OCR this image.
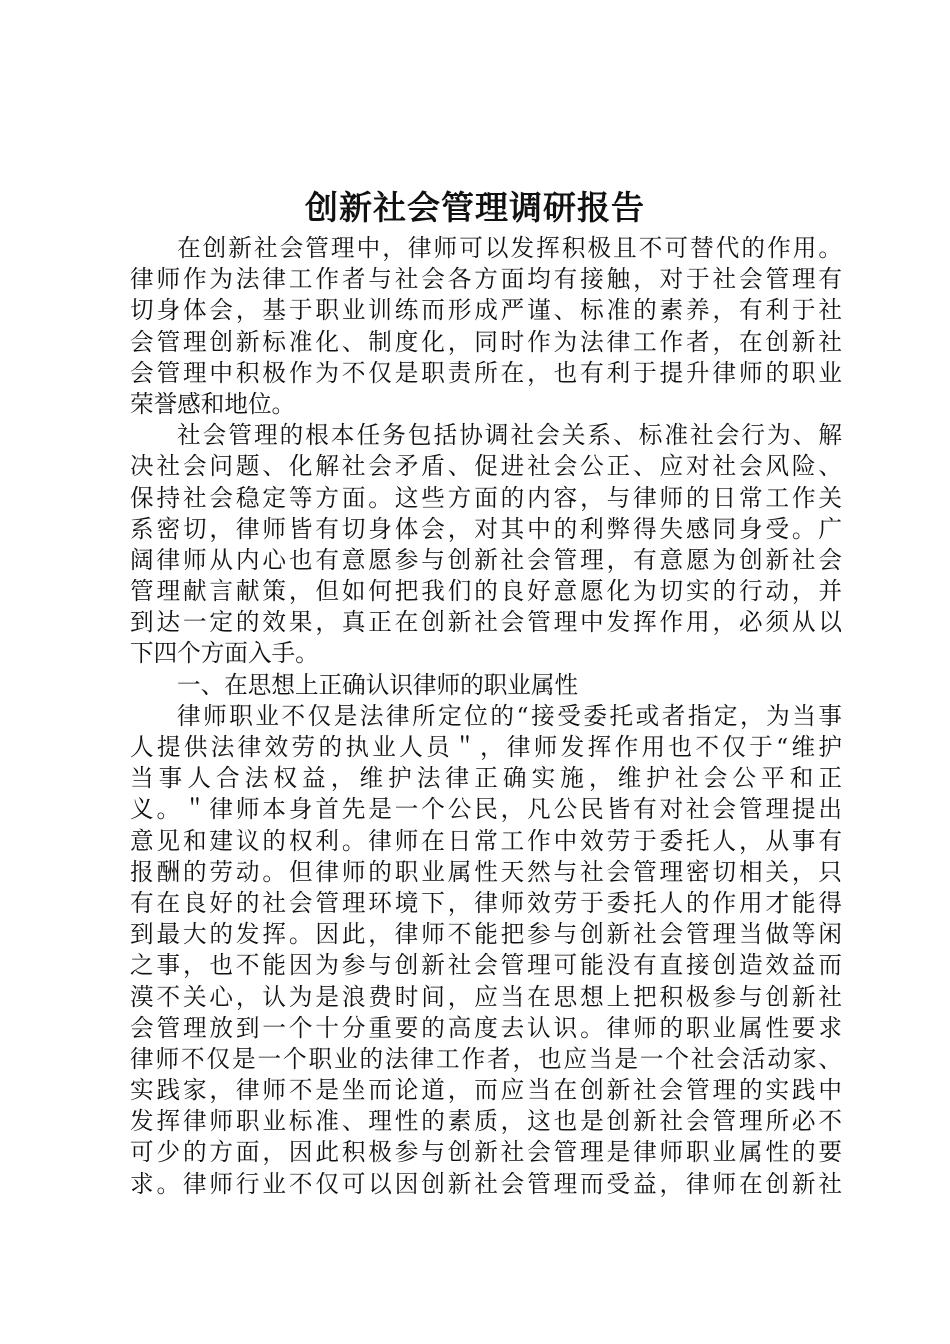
创新社会管理调研报告
在创新社会管理中，律师可以发挥积极且不可替代的作用。
律师作为法律工作者与社会各方面均有接触，对于社会管理有
切身体会，基于职业训练而形成严谨、标准的素养，有利于社
会管理创新标准化、制度化，同时作为法律工作者，在创新社
会管理中积极作为不仅是职责所在，也有利于提升律师的职业
荣誉感和地位。
社会管理的根本任务包括协调社会关系、标准社会行为、解
决社会问题、化解社会矛盾、促进社会公正、应对社会风险、
保持社会稳定等方面。这些方面的内容，与律师的日常工作关
系密切，律师皆有切身体会，对其中的利弊得失感同身受。广
阔律师从内心也有意愿参与创新社会管理，有意愿为创新社会
管理献言献策，但如何把我们的良好意愿化为切实的行动，并
到达一定的效果，真正在创新社会管理中发挥作用，必须从以
下四个方面入手。
一、在思想上正确认识律师的职业属性
律师职业不仅是法律所定位的“接受委托或者指定，为当事
人提供法律效劳的执业人员＂，律师发挥作用也不仅于“维护
当事人合法权益，维护法律正确实施，维护社会公平和正
义。＂律师本身首先是一个公民，凡公民皆有对社会管理提出
意见和建议的权利。律师在日常工作中效劳于委托人，从事有
报酬的劳动。但律师的职业属性天然与社会管理密切相关，只
有在良好的社会管理环境下，律师效劳于委托人的作用才能得
到最大的发挥。因此，律师不能把参与创新社会管理当做等闲
之事，也不能因为参与创新社会管理可能没有直接创造效益而
漠不关心，认为是浪费时间，应当在思想上把积极参与创新社
会管理放到一个十分重要的高度去认识。律师的职业属性要求
律师不仅是一个职业的法律工作者，也应当是一个社会活动家、
实践家，律师不是坐而论道，而应当在创新社会管理的实践中
发挥律师职业标准、理性的素质，这也是创新社会管理所必不
可少的方面，因此积极参与创新社会管理是律师职业属性的要
求。律师行业不仅可以因创新社会管理而受益，律师在创新社
